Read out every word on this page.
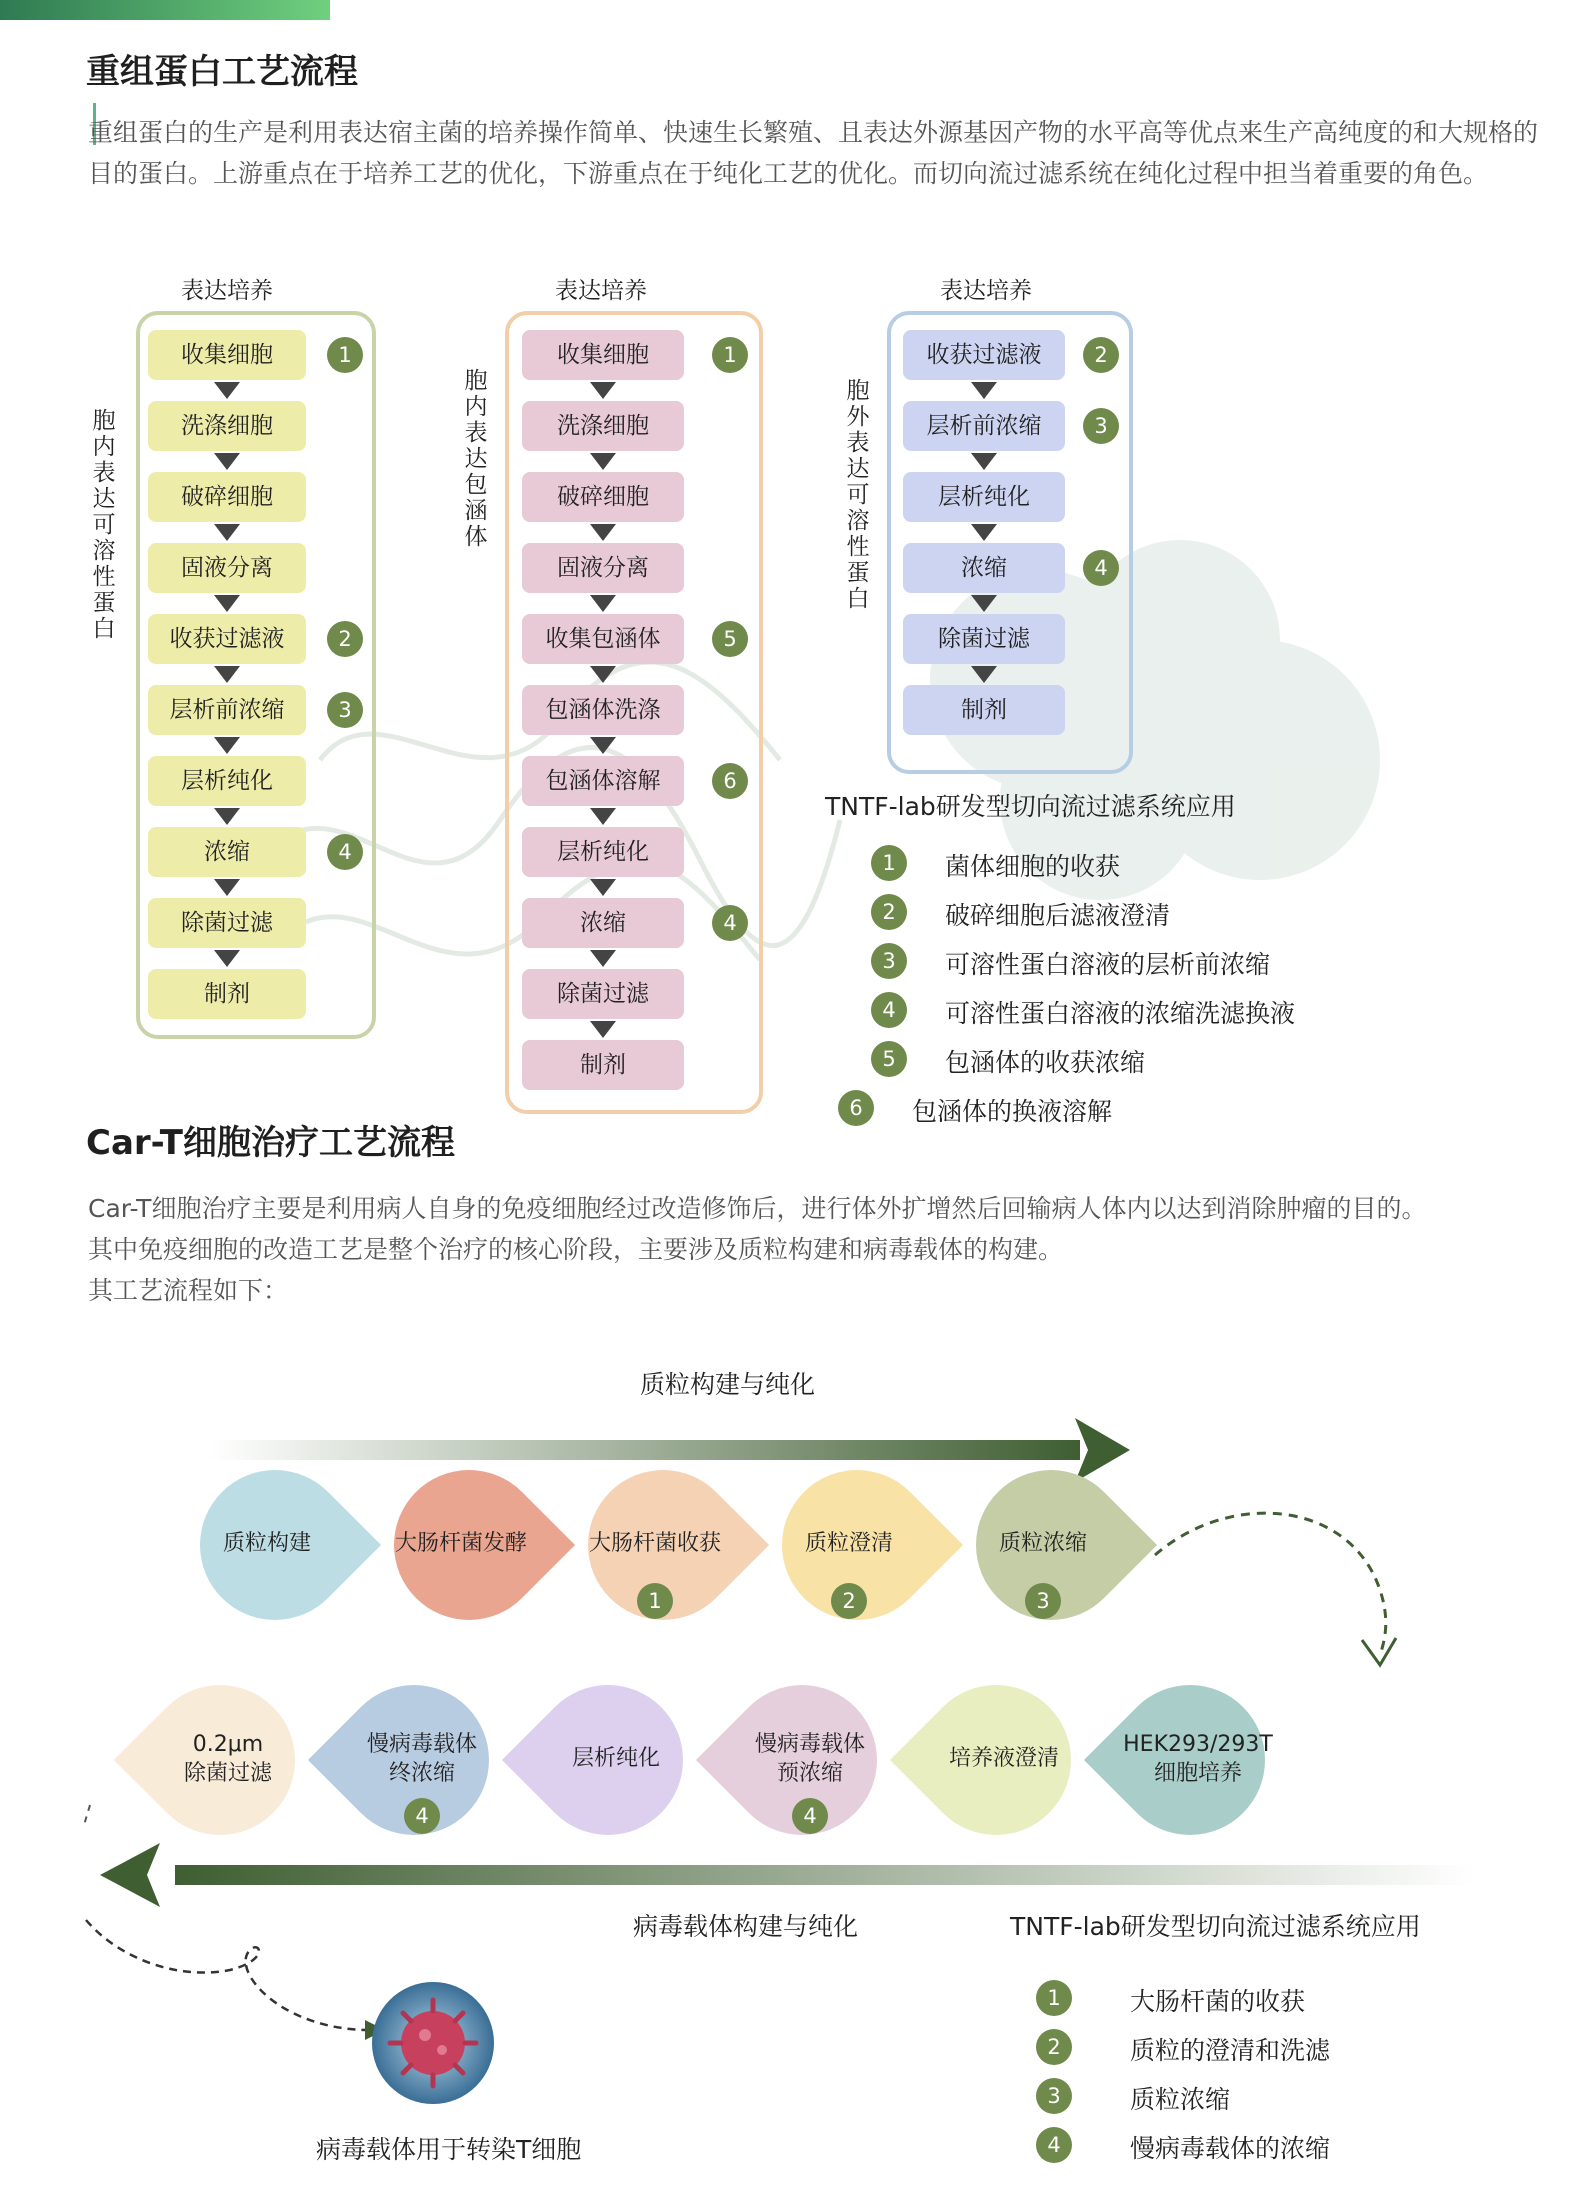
重组蛋白工艺流程
重组蛋白的生产是利用表达宿主菌的培养操作简单、快速生长繁殖、且表达外源基因产物的水平高等优点来生产高纯度的和大规格的目的蛋白。上游重点在于培养工艺的优化，下游重点在于纯化工艺的优化。而切向流过滤系统在纯化过程中担当着重要的角色。
表达培养
胞内表达可溶性蛋白
收集细胞	1
洗涤细胞
破碎细胞
固液分离
收获过滤液	2
层析前浓缩	3
层析纯化
浓缩	4
除菌过滤
制剂
表达培养
胞内表达包涵体
收集细胞	1
洗涤细胞
破碎细胞
固液分离
收集包涵体	5
包涵体洗涤
包涵体溶解	6
层析纯化
浓缩	4
除菌过滤
制剂
表达培养
胞外表达可溶性蛋白
收获过滤液	2
层析前浓缩	3
层析纯化
浓缩	4
除菌过滤
制剂
TNTF-lab研发型切向流过滤系统应用
1	菌体细胞的收获
2	破碎细胞后滤液澄清
3	可溶性蛋白溶液的层析前浓缩
4	可溶性蛋白溶液的浓缩洗滤换液
5	包涵体的收获浓缩
6	包涵体的换液溶解
Car-T细胞治疗工艺流程
Car-T细胞治疗主要是利用病人自身的免疫细胞经过改造修饰后，进行体外扩增然后回输病人体内以达到消除肿瘤的目的。
其中免疫细胞的改造工艺是整个治疗的核心阶段，主要涉及质粒构建和病毒载体的构建。
其工艺流程如下：
质粒构建与纯化
质粒构建	大肠杆菌发酵	大肠杆菌收获
1
质粒澄清
2
质粒浓缩
3
0.2μm
除菌过滤
慢病毒载体
终浓缩
4
层析纯化
慢病毒载体
预浓缩
4
培养液澄清
HEK293/293T
细胞培养
病毒载体构建与纯化	TNTF-lab研发型切向流过滤系统应用
1	大肠杆菌的收获
2	质粒的澄清和洗滤
3	质粒浓缩
4	慢病毒载体的浓缩
病毒载体用于转染T细胞
